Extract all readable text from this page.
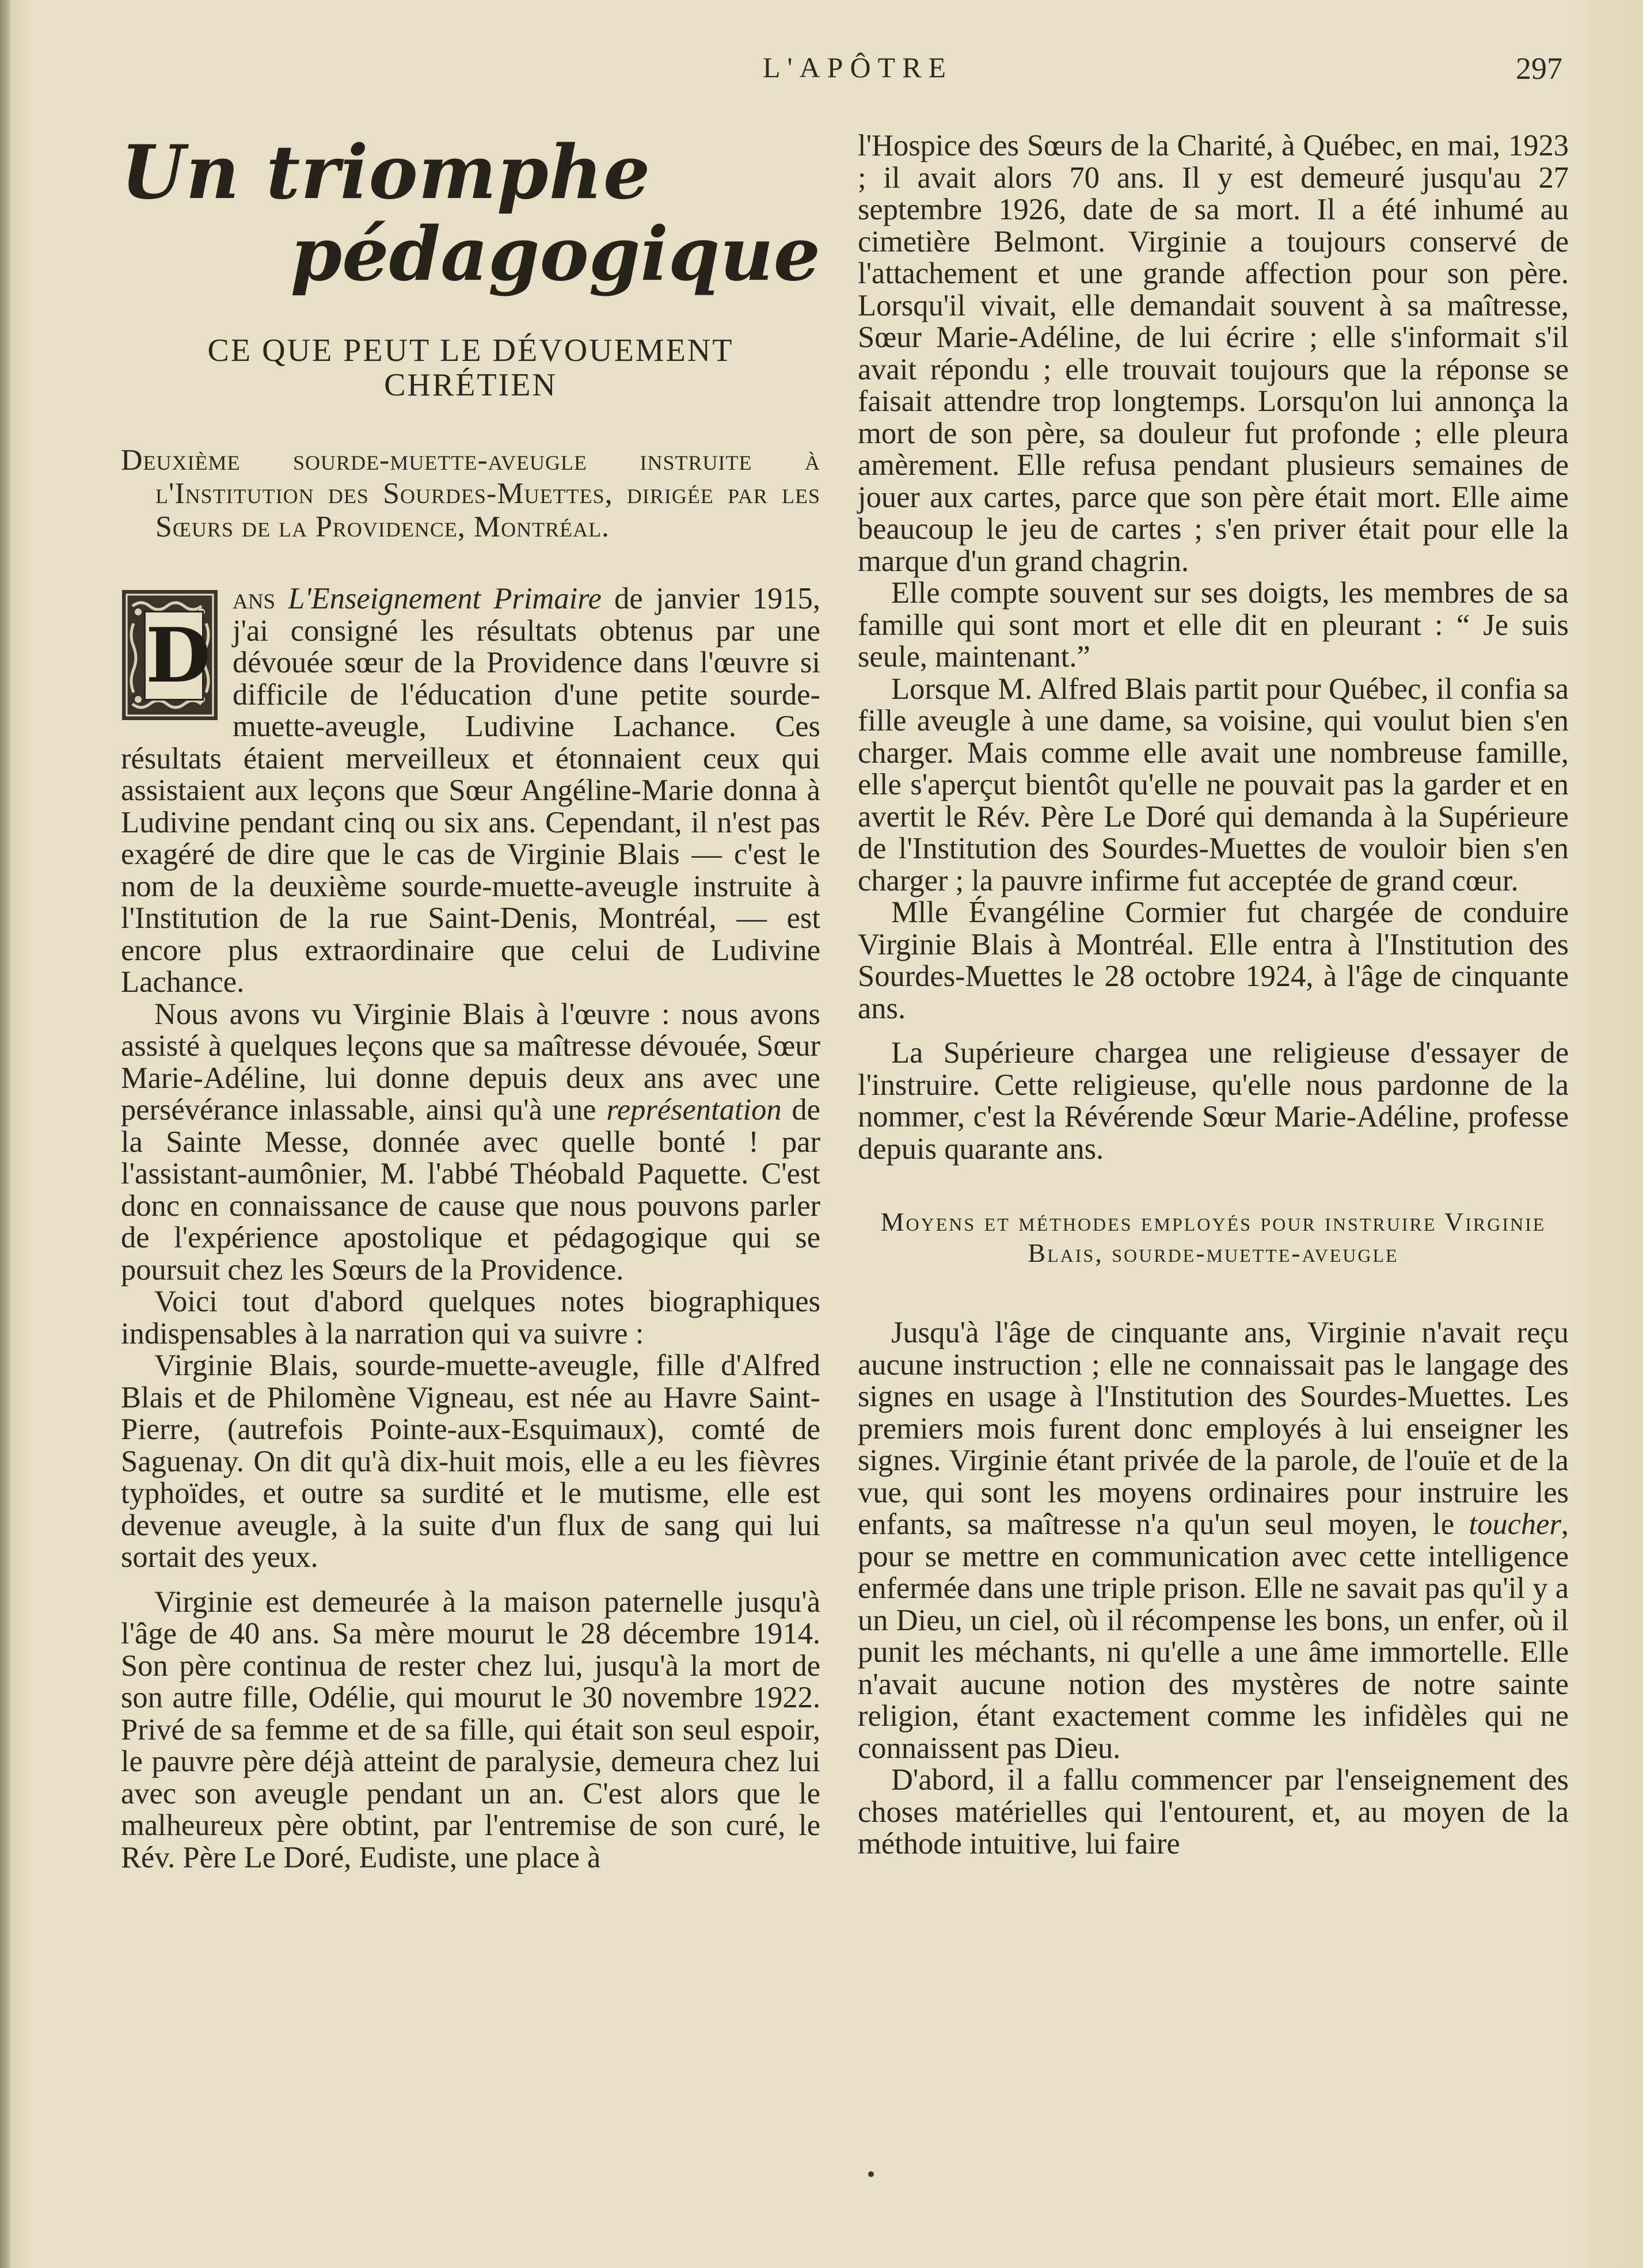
L'APÔTRE	297
Un triomphe
pédagogique
CE QUE PEUT LE DÉVOUEMENT
CHRÉTIEN
Deuxième sourde-muette-aveugle instruite à l'Institution des Sourdes-Muettes, dirigée par les Sœurs de la Providence, Montréal.

D
ans L'Enseignement Primaire de janvier 1915, j'ai consigné les résultats obtenus par une dévouée sœur de la Providence dans l'œuvre si difficile de l'éducation d'une petite sourde-muette-aveugle, Ludivine Lachance. Ces résultats étaient merveilleux et étonnaient ceux qui assistaient aux leçons que Sœur Angéline-Marie donna à Ludivine pendant cinq ou six ans. Cependant, il n'est pas exagéré de dire que le cas de Virginie Blais — c'est le nom de la deuxième sourde-muette-aveugle instruite à l'Institution de la rue Saint-Denis, Montréal, — est encore plus extraordinaire que celui de Ludivine Lachance.

Nous avons vu Virginie Blais à l'œuvre : nous avons assisté à quelques leçons que sa maîtresse dévouée, Sœur Marie-Adéline, lui donne depuis deux ans avec une persévérance inlassable, ainsi qu'à une représentation de la Sainte Messe, donnée avec quelle bonté ! par l'assistant-aumônier, M. l'abbé Théobald Paquette. C'est donc en connaissance de cause que nous pouvons parler de l'expérience apostolique et pédagogique qui se poursuit chez les Sœurs de la Providence.

Voici tout d'abord quelques notes biographiques indispensables à la narration qui va suivre :

Virginie Blais, sourde-muette-aveugle, fille d'Alfred Blais et de Philomène Vigneau, est née au Havre Saint-Pierre, (autrefois Pointe-aux-Esquimaux), comté de Saguenay. On dit qu'à dix-huit mois, elle a eu les fièvres typhoïdes, et outre sa surdité et le mutisme, elle est devenue aveugle, à la suite d'un flux de sang qui lui sortait des yeux.

Virginie est demeurée à la maison paternelle jusqu'à l'âge de 40 ans. Sa mère mourut le 28 décembre 1914. Son père continua de rester chez lui, jusqu'à la mort de son autre fille, Odélie, qui mourut le 30 novembre 1922. Privé de sa femme et de sa fille, qui était son seul espoir, le pauvre père déjà atteint de paralysie, demeura chez lui avec son aveugle pendant un an. C'est alors que le malheureux père obtint, par l'entremise de son curé, le Rév. Père Le Doré, Eudiste, une place à

l'Hospice des Sœurs de la Charité, à Québec, en mai, 1923 ; il avait alors 70 ans. Il y est demeuré jusqu'au 27 septembre 1926, date de sa mort. Il a été inhumé au cimetière Belmont. Virginie a toujours conservé de l'attachement et une grande affection pour son père. Lorsqu'il vivait, elle demandait souvent à sa maîtresse, Sœur Marie-Adéline, de lui écrire ; elle s'informait s'il avait répondu ; elle trouvait toujours que la réponse se faisait attendre trop longtemps. Lorsqu'on lui annonça la mort de son père, sa douleur fut profonde ; elle pleura amèrement. Elle refusa pendant plusieurs semaines de jouer aux cartes, parce que son père était mort. Elle aime beaucoup le jeu de cartes ; s'en priver était pour elle la marque d'un grand chagrin.

Elle compte souvent sur ses doigts, les membres de sa famille qui sont mort et elle dit en pleurant : “ Je suis seule, maintenant.”

Lorsque M. Alfred Blais partit pour Québec, il confia sa fille aveugle à une dame, sa voisine, qui voulut bien s'en charger. Mais comme elle avait une nombreuse famille, elle s'aperçut bientôt qu'elle ne pouvait pas la garder et en avertit le Rév. Père Le Doré qui demanda à la Supérieure de l'Institution des Sourdes-Muettes de vouloir bien s'en charger ; la pauvre infirme fut acceptée de grand cœur.

Mlle Évangéline Cormier fut chargée de conduire Virginie Blais à Montréal. Elle entra à l'Institution des Sourdes-Muettes le 28 octobre 1924, à l'âge de cinquante ans.

La Supérieure chargea une religieuse d'essayer de l'instruire. Cette religieuse, qu'elle nous pardonne de la nommer, c'est la Révérende Sœur Marie-Adéline, professe depuis quarante ans.

Moyens et méthodes employés pour instruire Virginie Blais, sourde-muette-aveugle

Jusqu'à l'âge de cinquante ans, Virginie n'avait reçu aucune instruction ; elle ne connaissait pas le langage des signes en usage à l'Institution des Sourdes-Muettes. Les premiers mois furent donc employés à lui enseigner les signes. Virginie étant privée de la parole, de l'ouïe et de la vue, qui sont les moyens ordinaires pour instruire les enfants, sa maîtresse n'a qu'un seul moyen, le toucher, pour se mettre en communication avec cette intelligence enfermée dans une triple prison. Elle ne savait pas qu'il y a un Dieu, un ciel, où il récompense les bons, un enfer, où il punit les méchants, ni qu'elle a une âme immortelle. Elle n'avait aucune notion des mystères de notre sainte religion, étant exactement comme les infidèles qui ne connaissent pas Dieu.

D'abord, il a fallu commencer par l'enseignement des choses matérielles qui l'entourent, et, au moyen de la méthode intuitive, lui faire
